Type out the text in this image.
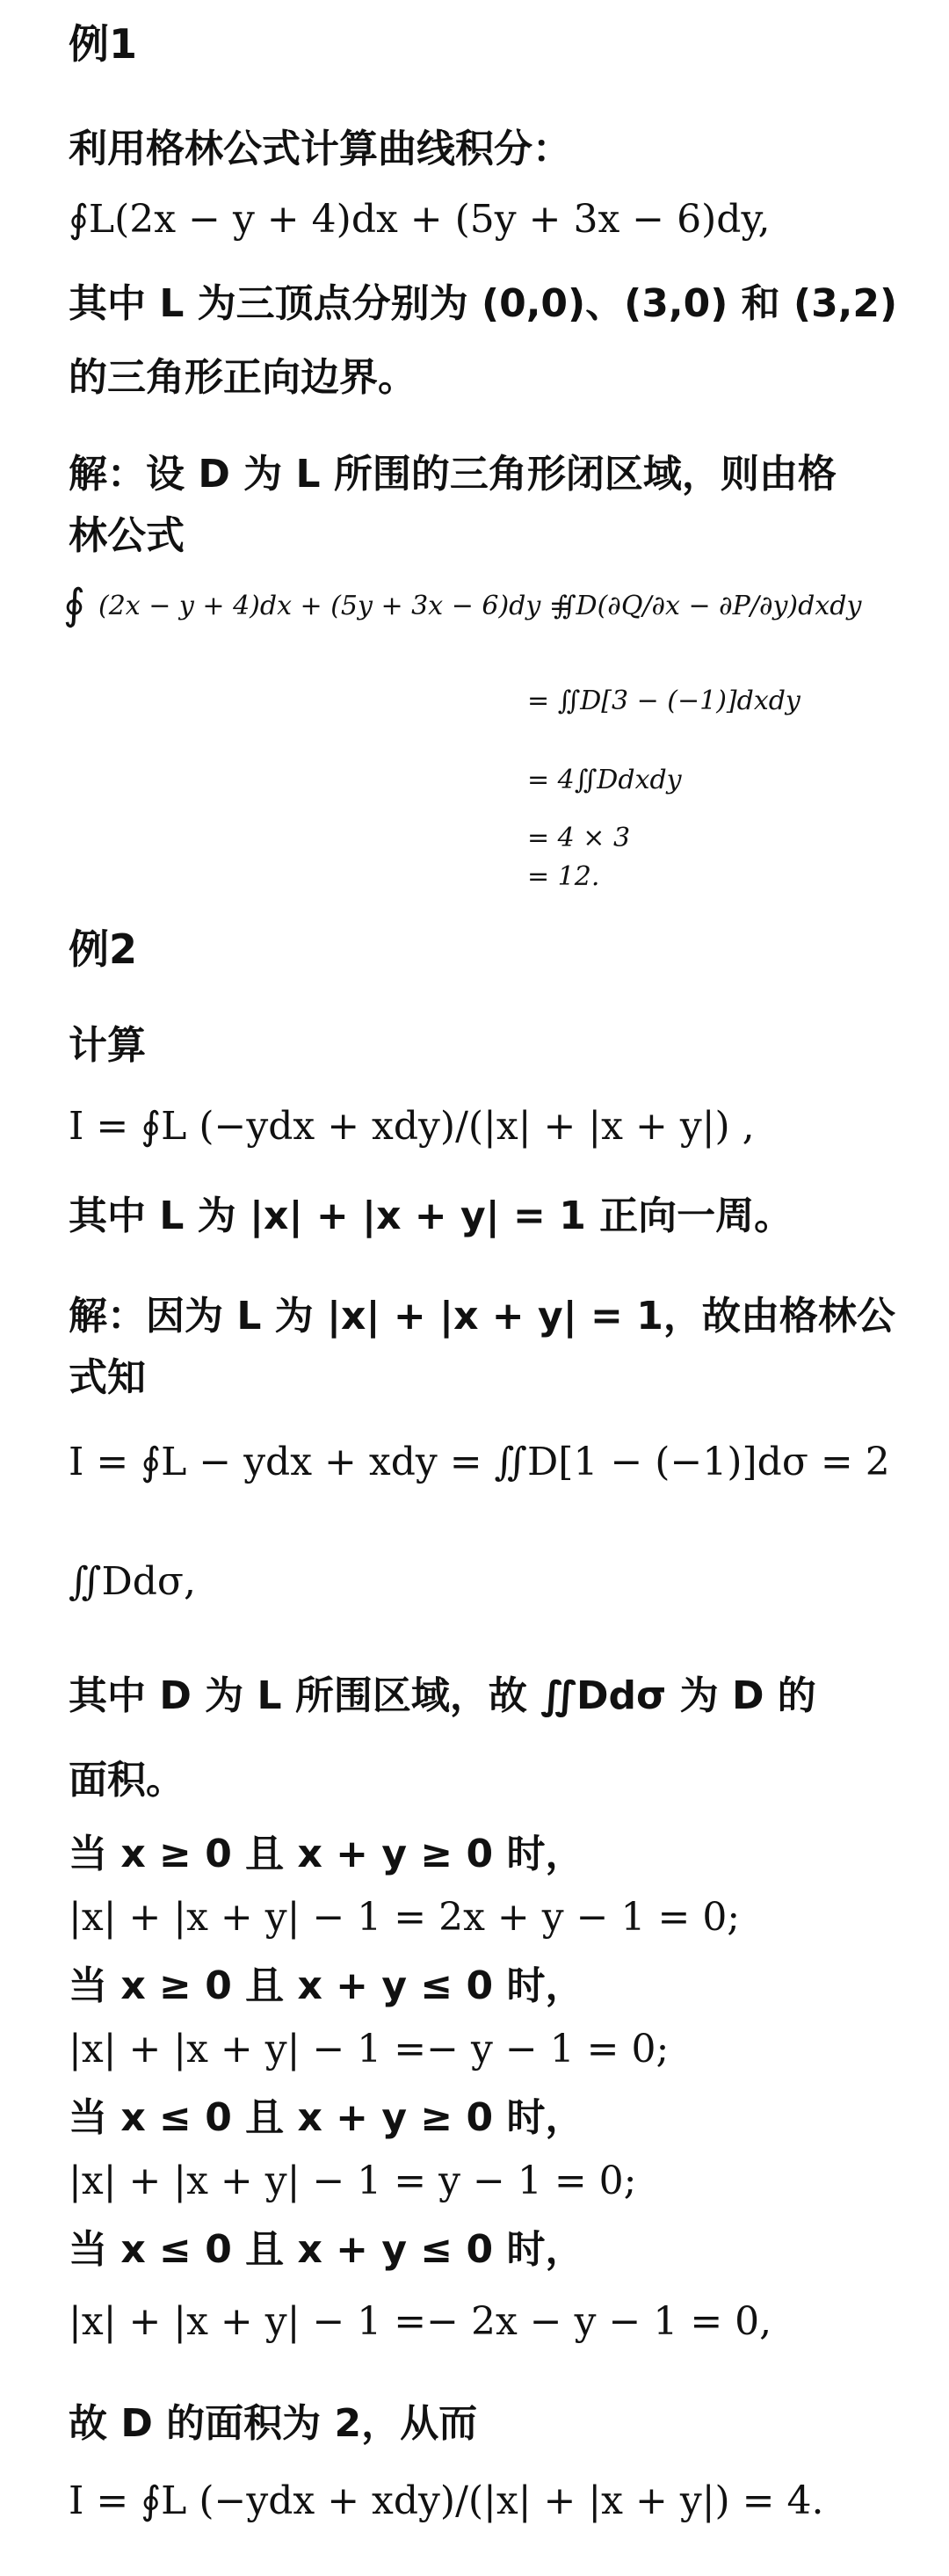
例1
利用格林公式计算曲线积分：
∮L(2x − y + 4)dx + (5y + 3x − 6)dy,
其中 L 为三顶点分别为 (0,0)、(3,0) 和 (3,2)
的三角形正向边界。
解：设 D 为 L 所围的三角形闭区域，则由格
林公式
∮ (2x − y + 4)dx + (5y + 3x − 6)dy =
∬D(∂Q/∂x − ∂P/∂y)dxdy
= ∬D[3 − (−1)]dxdy
= 4∬Ddxdy
= 4 × 3
= 12.
例2
计算
I = ∮L (−ydx + xdy)/(|x| + |x + y|) ,
其中 L 为 |x| + |x + y| = 1 正向一周。
解：因为 L 为 |x| + |x + y| = 1，故由格林公
式知
I = ∮L − ydx + xdy = ∬D[1 − (−1)]dσ = 2
∬Ddσ,
其中 D 为 L 所围区域，故 ∬Ddσ 为 D 的
面积。
当 x ≥ 0 且 x + y ≥ 0 时，
|x| + |x + y| − 1 = 2x + y − 1 = 0;
当 x ≥ 0 且 x + y ≤ 0 时，
|x| + |x + y| − 1 =− y − 1 = 0;
当 x ≤ 0 且 x + y ≥ 0 时，
|x| + |x + y| − 1 = y − 1 = 0;
当 x ≤ 0 且 x + y ≤ 0 时，
|x| + |x + y| − 1 =− 2x − y − 1 = 0,
故 D 的面积为 2，从而
I = ∮L (−ydx + xdy)/(|x| + |x + y|) = 4.
